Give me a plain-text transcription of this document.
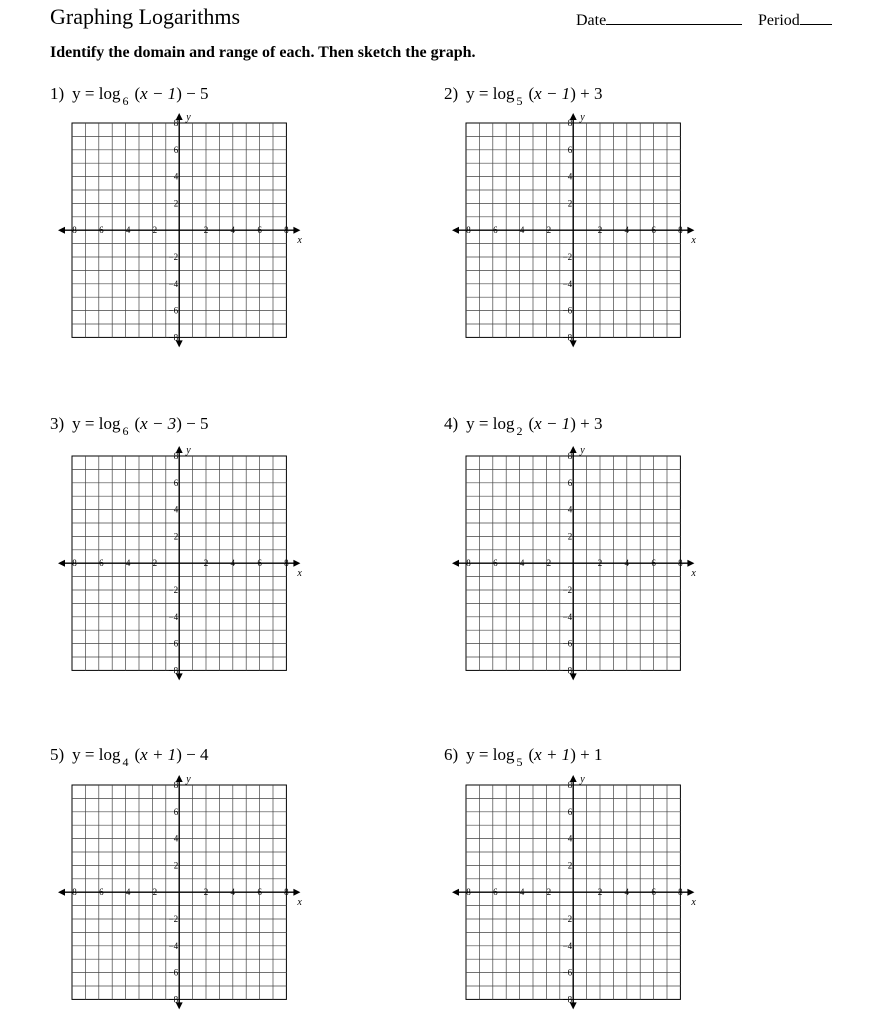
Graphing Logarithms	Date	Period
Identify the domain and range of each. Then sketch the graph.
1) y = log $_6$ (x − 1) − 5	2) y = log $_5$ (x − 1) + 3
3) y = log $_6$ (x − 3) − 5	4) y = log $_2$ (x − 1) + 3
5) y = log $_4$ (x + 1) − 4	6) y = log $_5$ (x + 1) + 1
−8 −6 −4 −2	2 4 6 8
8
6
4
2
−2
−4
−6
−8
x
y
−8 −6 −4 −2	2 4 6 8
8
6
4
2
−2
−4
−6
−8
x
y
−8 −6 −4 −2	2 4 6 8
8
6
4
2
−2
−4
−6
−8
x
y
−8 −6 −4 −2	2 4 6 8
8
6
4
2
−2
−4
−6
−8
x
y
−8 −6 −4 −2	2 4 6 8
8
6
4
2
−2
−4
−6
−8
x
y
−8 −6 −4 −2	2 4 6 8
8
6
4
2
−2
−4
−6
−8
x
y
